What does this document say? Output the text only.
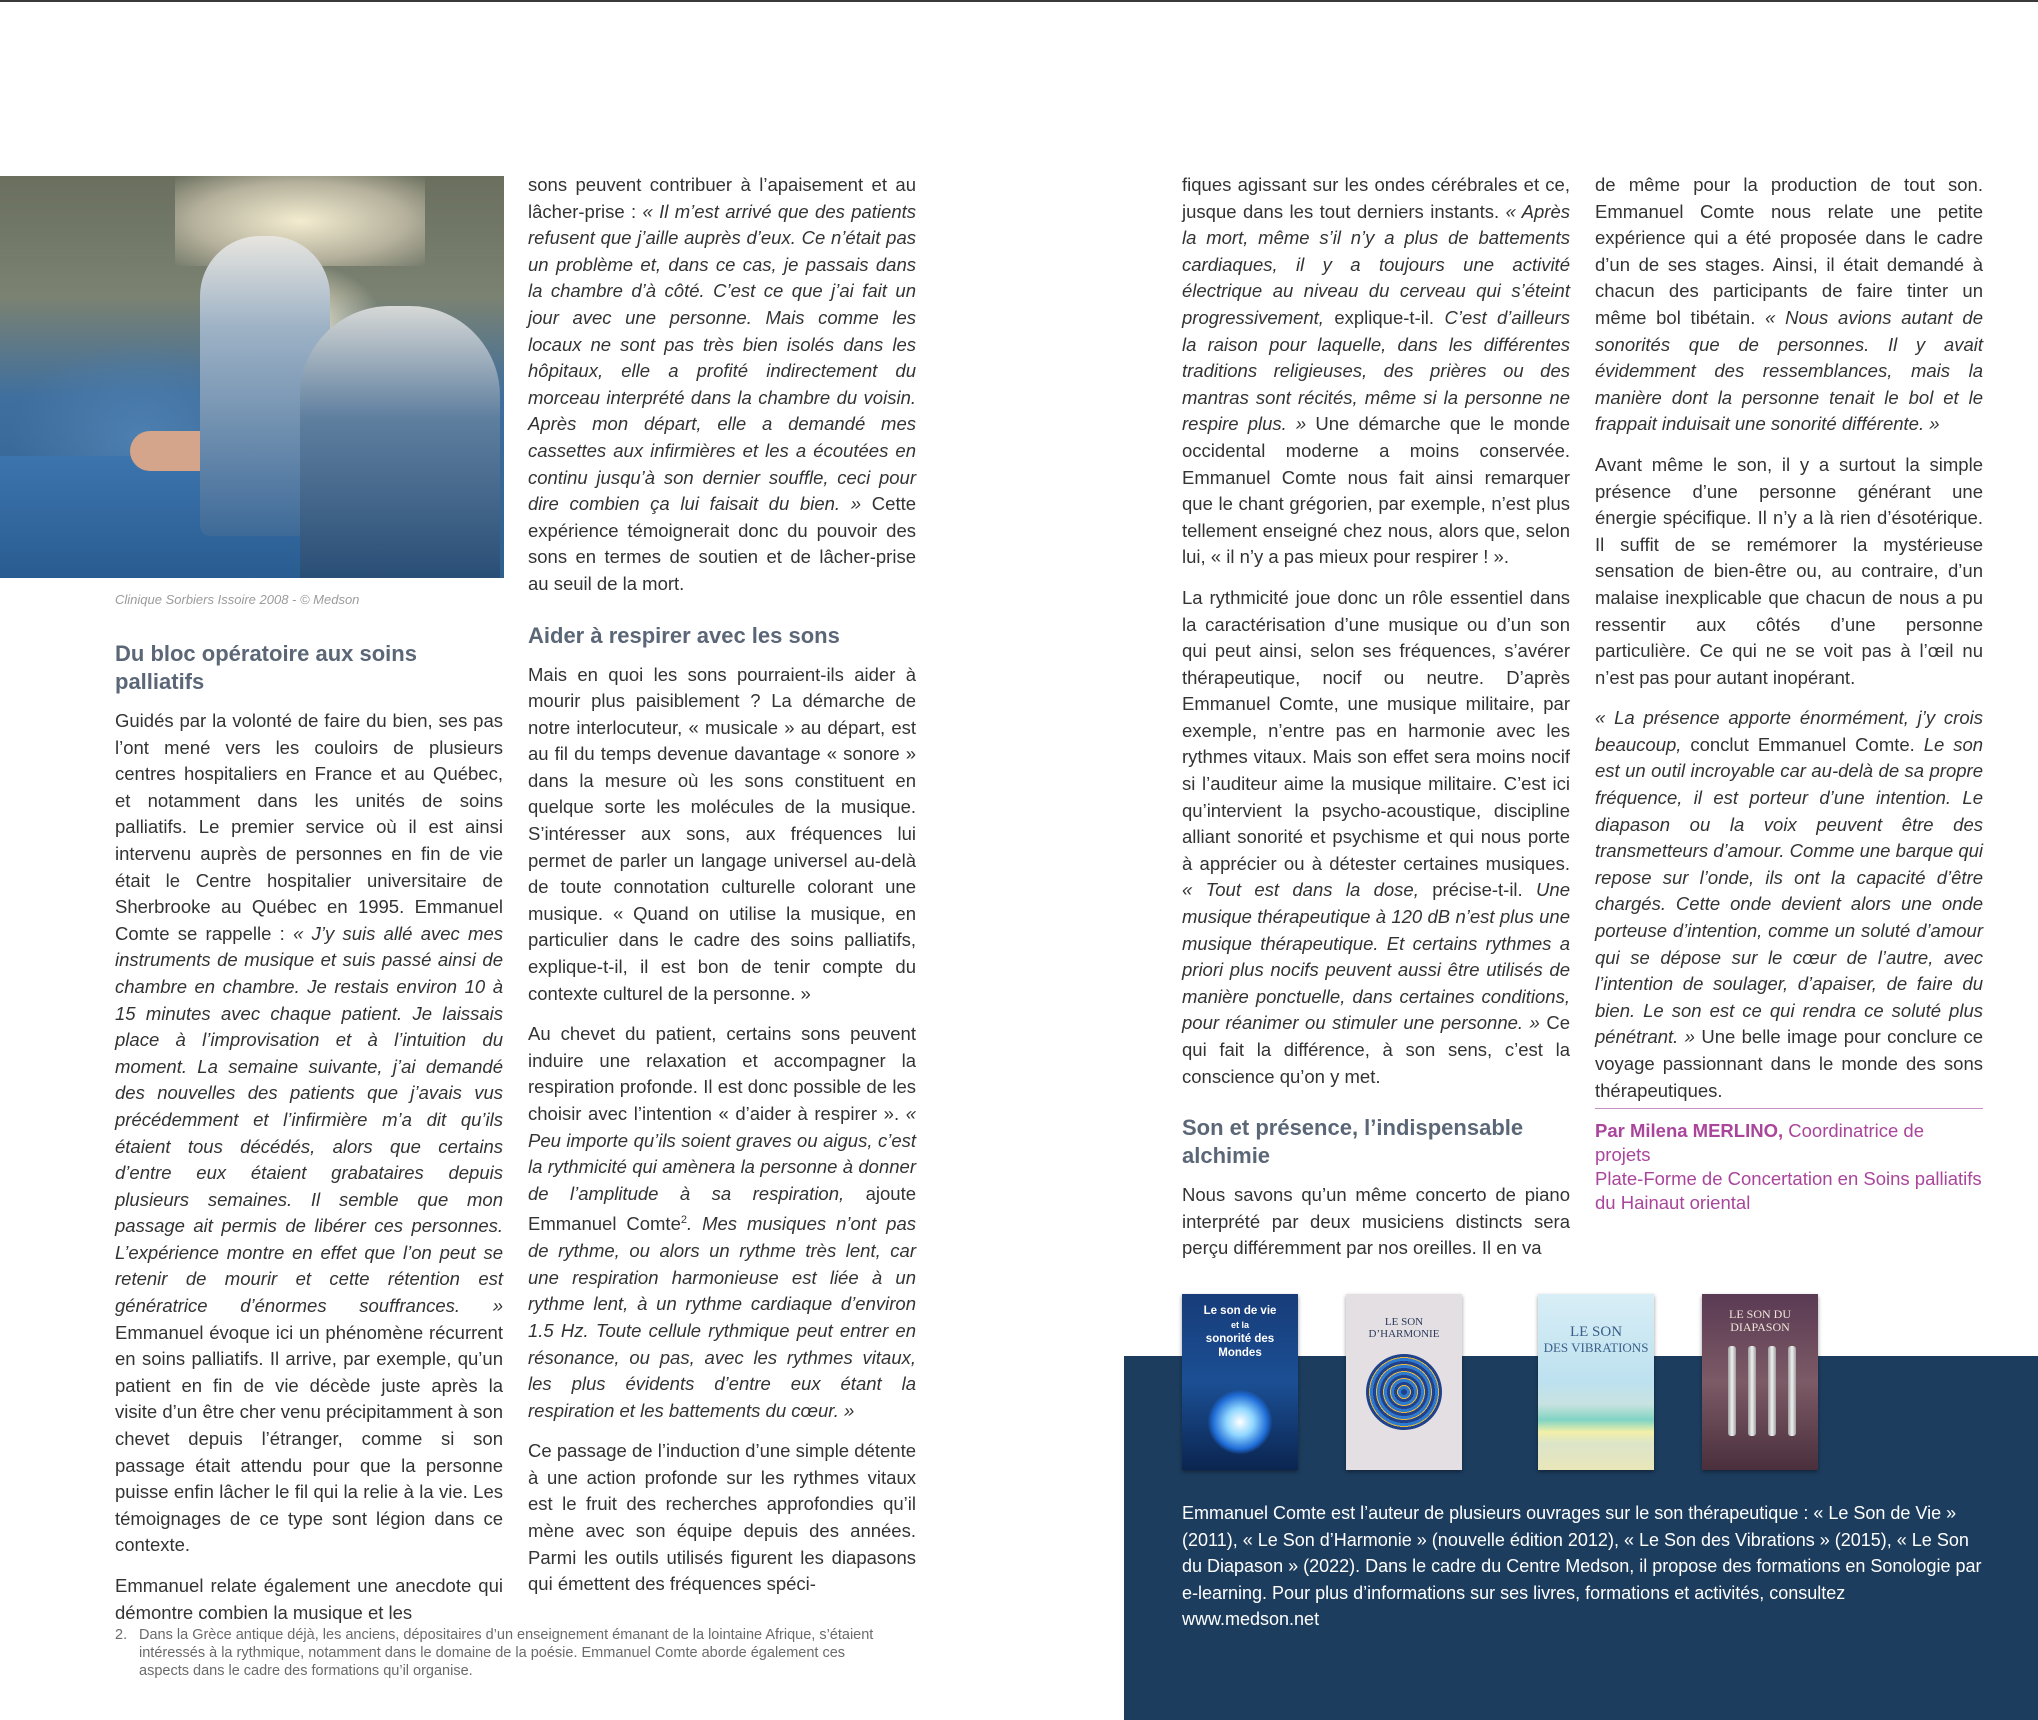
Clinique Sorbiers Issoire 2008 - © Medson
Du bloc opératoire aux soins palliatifs

Guidés par la volonté de faire du bien, ses pas l’ont mené vers les couloirs de plusieurs centres hospitaliers en France et au Québec, et notamment dans les unités de soins palliatifs. Le premier service où il est ainsi intervenu auprès de personnes en fin de vie était le Centre hospitalier universitaire de Sherbrooke au Québec en 1995. Emmanuel Comte se rappelle : « J’y suis allé avec mes instruments de musique et suis passé ainsi de chambre en chambre. Je restais environ 10 à 15 minutes avec chaque patient. Je laissais place à l’improvisation et à l’intuition du moment. La semaine suivante, j’ai demandé des nouvelles des patients que j’avais vus précédemment et l’infirmière m’a dit qu’ils étaient tous décédés, alors que certains d’entre eux étaient grabataires depuis plusieurs semaines. Il semble que mon passage ait permis de libérer ces personnes. L’expérience montre en effet que l’on peut se retenir de mourir et cette rétention est génératrice d’énormes souffrances. » Emmanuel évoque ici un phénomène récurrent en soins palliatifs. Il arrive, par exemple, qu’un patient en fin de vie décède juste après la visite d’un être cher venu précipitamment à son chevet depuis l’étranger, comme si son passage était attendu pour que la personne puisse enfin lâcher le fil qui la relie à la vie. Les témoignages de ce type sont légion dans ce contexte.

Emmanuel relate également une anecdote qui démontre combien la musique et les

sons peuvent contribuer à l’apaisement et au lâcher-prise : « Il m’est arrivé que des patients refusent que j’aille auprès d’eux. Ce n’était pas un problème et, dans ce cas, je passais dans la chambre d’à côté. C’est ce que j’ai fait un jour avec une personne. Mais comme les locaux ne sont pas très bien isolés dans les hôpitaux, elle a profité indirectement du morceau interprété dans la chambre du voisin. Après mon départ, elle a demandé mes cassettes aux infirmières et les a écoutées en continu jusqu’à son dernier souffle, ceci pour dire combien ça lui faisait du bien. » Cette expérience témoignerait donc du pouvoir des sons en termes de soutien et de lâcher-prise au seuil de la mort.

Aider à respirer avec les sons

Mais en quoi les sons pourraient-ils aider à mourir plus paisiblement ? La démarche de notre interlocuteur, « musicale » au départ, est au fil du temps devenue davantage « sonore » dans la mesure où les sons constituent en quelque sorte les molécules de la musique. S’intéresser aux sons, aux fréquences lui permet de parler un langage universel au-delà de toute connotation culturelle colorant une musique. « Quand on utilise la musique, en particulier dans le cadre des soins palliatifs, explique-t-il, il est bon de tenir compte du contexte culturel de la personne. »

Au chevet du patient, certains sons peuvent induire une relaxation et accompagner la respiration profonde. Il est donc possible de les choisir avec l’intention « d’aider à respirer ». « Peu importe qu’ils soient graves ou aigus, c’est la rythmicité qui amènera la personne à donner de l’amplitude à sa respiration, ajoute Emmanuel Comte$^2$. Mes musiques n’ont pas de rythme, ou alors un rythme très lent, car une respiration harmonieuse est liée à un rythme lent, à un rythme cardiaque d’environ 1.5 Hz. Toute cellule rythmique peut entrer en résonance, ou pas, avec les rythmes vitaux, les plus évidents d’entre eux étant la respiration et les battements du cœur. »

Ce passage de l’induction d’une simple détente à une action profonde sur les rythmes vitaux est le fruit des recherches approfondies qu’il mène avec son équipe depuis des années. Parmi les outils utilisés figurent les diapasons qui émettent des fréquences spéci-

fiques agissant sur les ondes cérébrales et ce, jusque dans les tout derniers instants. « Après la mort, même s’il n’y a plus de battements cardiaques, il y a toujours une activité électrique au niveau du cerveau qui s’éteint progressivement, explique-t-il. C’est d’ailleurs la raison pour laquelle, dans les différentes traditions religieuses, des prières ou des mantras sont récités, même si la personne ne respire plus. » Une démarche que le monde occidental moderne a moins conservée. Emmanuel Comte nous fait ainsi remarquer que le chant grégorien, par exemple, n’est plus tellement enseigné chez nous, alors que, selon lui, « il n’y a pas mieux pour respirer ! ».

La rythmicité joue donc un rôle essentiel dans la caractérisation d’une musique ou d’un son qui peut ainsi, selon ses fréquences, s’avérer thérapeutique, nocif ou neutre. D’après Emmanuel Comte, une musique militaire, par exemple, n’entre pas en harmonie avec les rythmes vitaux. Mais son effet sera moins nocif si l’auditeur aime la musique militaire. C’est ici qu’intervient la psycho-acoustique, discipline alliant sonorité et psychisme et qui nous porte à apprécier ou à détester certaines musiques. « Tout est dans la dose, précise-t-il. Une musique thérapeutique à 120 dB n’est plus une musique thérapeutique. Et certains rythmes a priori plus nocifs peuvent aussi être utilisés de manière ponctuelle, dans certaines conditions, pour réanimer ou stimuler une personne. » Ce qui fait la différence, à son sens, c’est la conscience qu’on y met.

Son et présence, l’indispensable alchimie

Nous savons qu’un même concerto de piano interprété par deux musiciens distincts sera perçu différemment par nos oreilles. Il en va

de même pour la production de tout son. Emmanuel Comte nous relate une petite expérience qui a été proposée dans le cadre d’un de ses stages. Ainsi, il était demandé à chacun des participants de faire tinter un même bol tibétain. « Nous avions autant de sonorités que de personnes. Il y avait évidemment des ressemblances, mais la manière dont la personne tenait le bol et le frappait induisait une sonorité différente. »

Avant même le son, il y a surtout la simple présence d’une personne générant une énergie spécifique. Il n’y a là rien d’ésotérique. Il suffit de se remémorer la mystérieuse sensation de bien-être ou, au contraire, d’un malaise inexplicable que chacun de nous a pu ressentir aux côtés d’une personne particulière. Ce qui ne se voit pas à l’œil nu n’est pas pour autant inopérant.

« La présence apporte énormément, j’y crois beaucoup, conclut Emmanuel Comte. Le son est un outil incroyable car au-delà de sa propre fréquence, il est porteur d’une intention. Le diapason ou la voix peuvent être des transmetteurs d’amour. Comme une barque qui repose sur l’onde, ils ont la capacité d’être chargés. Cette onde devient alors une onde porteuse d’intention, comme un soluté d’amour qui se dépose sur le cœur de l’autre, avec l’intention de soulager, d’apaiser, de faire du bien. Le son est ce qui rendra ce soluté plus pénétrant. » Une belle image pour conclure ce voyage passionnant dans le monde des sons thérapeutiques.

Par Milena MERLINO, Coordinatrice de projets
Plate-Forme de Concertation en Soins palliatifs du Hainaut oriental
2. Dans la Grèce antique déjà, les anciens, dépositaires d’un enseignement émanant de la lointaine Afrique, s’étaient intéressés à la rythmique, notamment dans le domaine de la poésie. Emmanuel Comte aborde également ces aspects dans le cadre des formations qu’il organise.
Le son de vie
et la
sonorité des Mondes
LE SON
D’HARMONIE	LE SON
DES VIBRATIONS
LE SON DU DIAPASON
Emmanuel Comte est l’auteur de plusieurs ouvrages sur le son thérapeutique : « Le Son de Vie » (2011), « Le Son d’Harmonie » (nouvelle édition 2012), « Le Son des Vibrations » (2015), « Le Son du Diapason » (2022). Dans le cadre du Centre Medson, il propose des formations en Sonologie par e-learning. Pour plus d’informations sur ses livres, formations et activités, consultez www.medson.net
